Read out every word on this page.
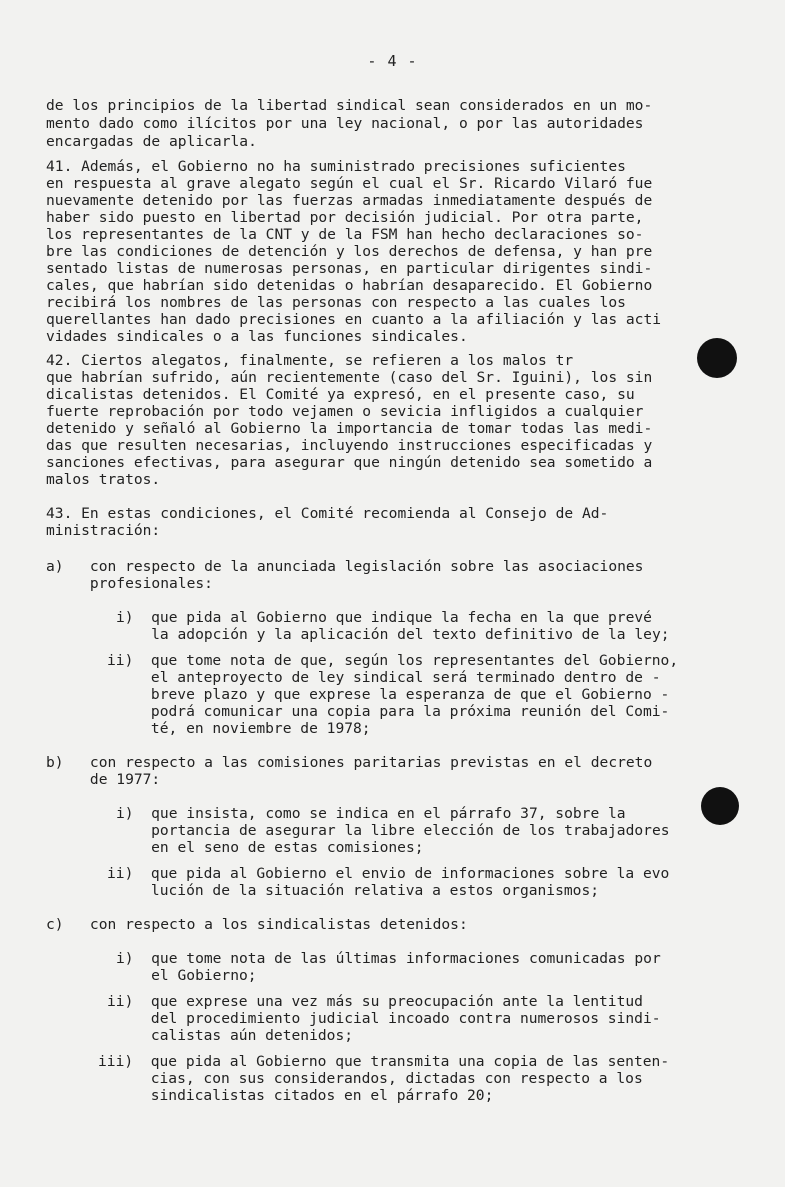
- 4 -
de los principios de la libertad sindical sean considerados en un mo-
mento dado como ilícitos por una ley nacional, o por las autoridades
encargadas de aplicarla.
41. Además, el Gobierno no ha suministrado precisiones suficientes
en respuesta al grave alegato según el cual el Sr. Ricardo Vilaró fue
nuevamente detenido por las fuerzas armadas inmediatamente después de
haber sido puesto en libertad por decisión judicial. Por otra parte,
los representantes de la CNT y de la FSM han hecho declaraciones so-
bre las condiciones de detención y los derechos de defensa, y han pre
sentado listas de numerosas personas, en particular dirigentes sindi-
cales, que habrían sido detenidas o habrían desaparecido. El Gobierno
recibirá los nombres de las personas con respecto a las cuales los
querellantes han dado precisiones en cuanto a la afiliación y las acti
vidades sindicales o a las funciones sindicales.
42. Ciertos alegatos, finalmente, se refieren a los malos tr
que habrían sufrido, aún recientemente (caso del Sr. Iguini), los sin
dicalistas detenidos. El Comité ya expresó, en el presente caso, su
fuerte reprobación por todo vejamen o sevicia infligidos a cualquier
detenido y señaló al Gobierno la importancia de tomar todas las medi-
das que resulten necesarias, incluyendo instrucciones especificadas y
sanciones efectivas, para asegurar que ningún detenido sea sometido a
malos tratos.
43. En estas condiciones, el Comité recomienda al Consejo de Ad-
ministración:
a)   con respecto de la anunciada legislación sobre las asociaciones
profesionales:
i)  que pida al Gobierno que indique la fecha en la que prevé
la adopción y la aplicación del texto definitivo de la ley;
ii)  que tome nota de que, según los representantes del Gobierno,
el anteproyecto de ley sindical será terminado dentro de -
breve plazo y que exprese la esperanza de que el Gobierno -
podrá comunicar una copia para la próxima reunión del Comi-
té, en noviembre de 1978;
b)   con respecto a las comisiones paritarias previstas en el decreto
de 1977:
i)  que insista, como se indica en el párrafo 37, sobre la
portancia de asegurar la libre elección de los trabajadores
en el seno de estas comisiones;
ii)  que pida al Gobierno el envio de informaciones sobre la evo
lución de la situación relativa a estos organismos;
c)   con respecto a los sindicalistas detenidos:
i)  que tome nota de las últimas informaciones comunicadas por
el Gobierno;
ii)  que exprese una vez más su preocupación ante la lentitud
del procedimiento judicial incoado contra numerosos sindi-
calistas aún detenidos;
iii)  que pida al Gobierno que transmita una copia de las senten-
cias, con sus considerandos, dictadas con respecto a los
sindicalistas citados en el párrafo 20;
